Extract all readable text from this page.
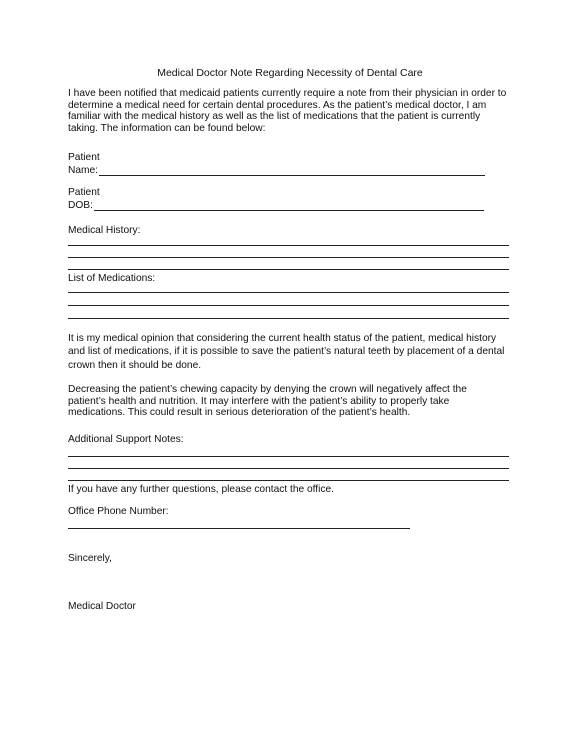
Medical Doctor Note Regarding Necessity of Dental Care
I have been notified that medicaid patients currently require a note from their physician in order to determine a medical need for certain dental procedures. As the patient’s medical doctor, I am familiar with the medical history as well as the list of medications that the patient is currently taking. The information can be found below:
Patient
Name:
Patient
DOB:
Medical History:
List of Medications:
It is my medical opinion that considering the current health status of the patient, medical history and list of medications, if it is possible to save the patient’s natural teeth by placement of a dental crown then it should be done.
Decreasing the patient’s chewing capacity by denying the crown will negatively affect the patient’s health and nutrition. It may interfere with the patient’s ability to properly take medications. This could result in serious deterioration of the patient’s health.
Additional Support Notes:
If you have any further questions, please contact the office.
Office Phone Number:
Sincerely,
Medical Doctor
